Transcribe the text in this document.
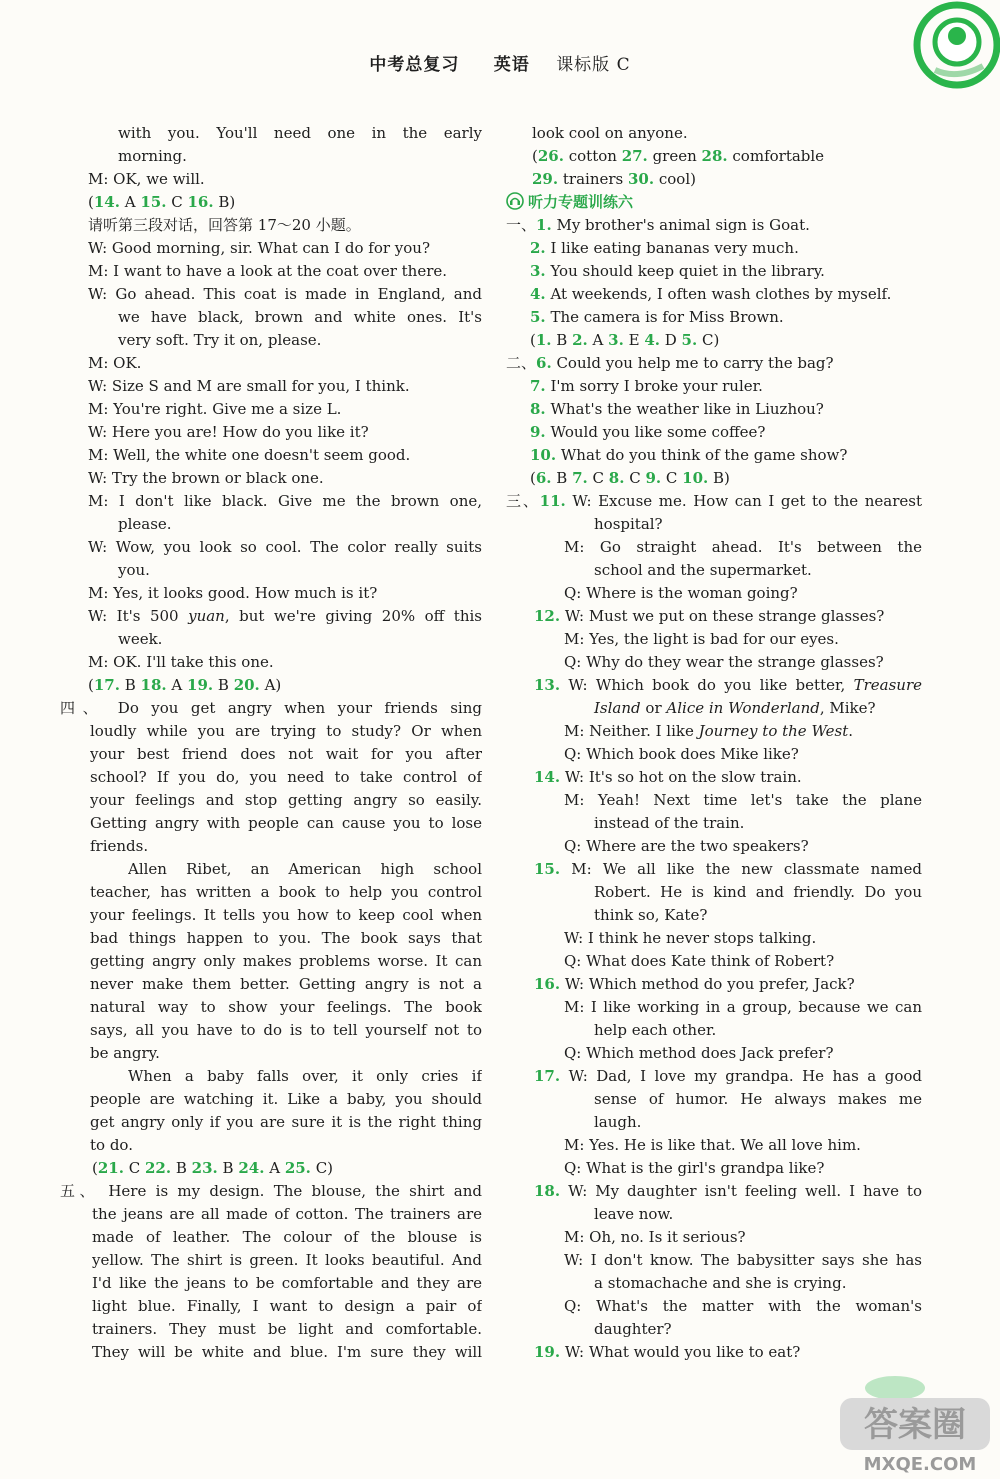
中考总复习 英语 课标版 C
答案圈
MXQE.COM
with you. You'll need one in the early
morning.
M: OK, we will.
(14. A 15. C 16. B)
请听第三段对话，回答第 17～20 小题。
W: Good morning, sir. What can I do for you?
M: I want to have a look at the coat over there.
W: Go ahead. This coat is made in England, and
we have black, brown and white ones. It's
very soft. Try it on, please.
M: OK.
W: Size S and M are small for you, I think.
M: You're right. Give me a size L.
W: Here you are! How do you like it?
M: Well, the white one doesn't seem good.
W: Try the brown or black one.
M: I don't like black. Give me the brown one,
please.
W: Wow, you look so cool. The color really suits
you.
M: Yes, it looks good. How much is it?
W: It's 500 yuan, but we're giving 20% off this
week.
M: OK. I'll take this one.
(17. B 18. A 19. B 20. A)
四、 Do you get angry when your friends sing
loudly while you are trying to study? Or when
your best friend does not wait for you after
school? If you do, you need to take control of
your feelings and stop getting angry so easily.
Getting angry with people can cause you to lose
friends.
Allen Ribet, an American high school
teacher, has written a book to help you control
your feelings. It tells you how to keep cool when
bad things happen to you. The book says that
getting angry only makes problems worse. It can
never make them better. Getting angry is not a
natural way to show your feelings. The book
says, all you have to do is to tell yourself not to
be angry.
When a baby falls over, it only cries if
people are watching it. Like a baby, you should
get angry only if you are sure it is the right thing
to do.
(21. C 22. B 23. B 24. A 25. C)
五、 Here is my design. The blouse, the shirt and
the jeans are all made of cotton. The trainers are
made of leather. The colour of the blouse is
yellow. The shirt is green. It looks beautiful. And
I'd like the jeans to be comfortable and they are
light blue. Finally, I want to design a pair of
trainers. They must be light and comfortable.
They will be white and blue. I'm sure they will
look cool on anyone.
(26. cotton 27. green 28. comfortable
29. trainers 30. cool)
听力专题训练六
一、1. My brother's animal sign is Goat.
2. I like eating bananas very much.
3. You should keep quiet in the library.
4. At weekends, I often wash clothes by myself.
5. The camera is for Miss Brown.
(1. B 2. A 3. E 4. D 5. C)
二、6. Could you help me to carry the bag?
7. I'm sorry I broke your ruler.
8. What's the weather like in Liuzhou?
9. Would you like some coffee?
10. What do you think of the game show?
(6. B 7. C 8. C 9. C 10. B)
三、11. W: Excuse me. How can I get to the nearest
hospital?
M: Go straight ahead. It's between the
school and the supermarket.
Q: Where is the woman going?
12. W: Must we put on these strange glasses?
M: Yes, the light is bad for our eyes.
Q: Why do they wear the strange glasses?
13. W: Which book do you like better, Treasure
Island or Alice in Wonderland, Mike?
M: Neither. I like Journey to the West.
Q: Which book does Mike like?
14. W: It's so hot on the slow train.
M: Yeah! Next time let's take the plane
instead of the train.
Q: Where are the two speakers?
15. M: We all like the new classmate named
Robert. He is kind and friendly. Do you
think so, Kate?
W: I think he never stops talking.
Q: What does Kate think of Robert?
16. W: Which method do you prefer, Jack?
M: I like working in a group, because we can
help each other.
Q: Which method does Jack prefer?
17. W: Dad, I love my grandpa. He has a good
sense of humor. He always makes me
laugh.
M: Yes. He is like that. We all love him.
Q: What is the girl's grandpa like?
18. W: My daughter isn't feeling well. I have to
leave now.
M: Oh, no. Is it serious?
W: I don't know. The babysitter says she has
a stomachache and she is crying.
Q: What's the matter with the woman's
daughter?
19. W: What would you like to eat?
